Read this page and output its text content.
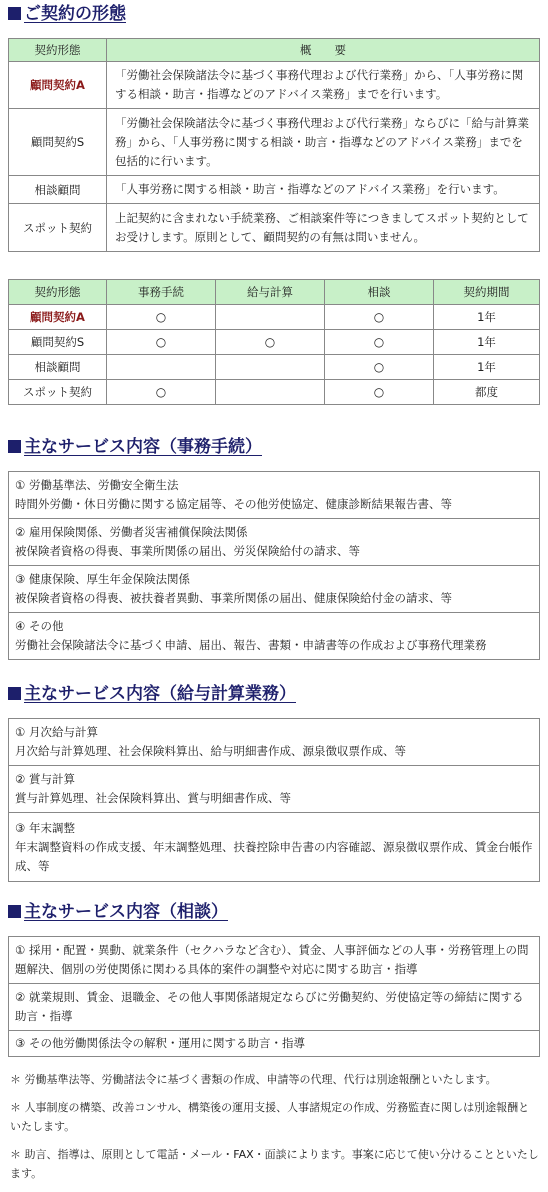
ご契約の形態
契約形態	概　　要
顧問契約A	「労働社会保険諸法令に基づく事務代理および代行業務」から、「人事労務に関する相談・助言・指導などのアドバイス業務」までを行います。
顧問契約S	「労働社会保険諸法令に基づく事務代理および代行業務」ならびに「給与計算業務」から、「人事労務に関する相談・助言・指導などのアドバイス業務」までを包括的に行います。
相談顧問	「人事労務に関する相談・助言・指導などのアドバイス業務」を行います。
スポット契約	上記契約に含まれない手続業務、ご相談案件等につきましてスポット契約としてお受けします。原則として、顧問契約の有無は問いません。
契約形態	事務手続	給与計算	相談	契約期間
顧問契約A	○		○	1年
顧問契約S	○	○	○	1年
相談顧問			○	1年
スポット契約	○		○	都度
主なサービス内容（事務手続）
① 労働基準法、労働安全衛生法
時間外労働・休日労働に関する協定届等、その他労使協定、健康診断結果報告書、等

② 雇用保険関係、労働者災害補償保険法関係
被保険者資格の得喪、事業所関係の届出、労災保険給付の請求、等

③ 健康保険、厚生年金保険法関係
被保険者資格の得喪、被扶養者異動、事業所関係の届出、健康保険給付金の請求、等

④ その他
労働社会保険諸法令に基づく申請、届出、報告、書類・申請書等の作成および事務代理業務
主なサービス内容（給与計算業務）
① 月次給与計算
月次給与計算処理、社会保険料算出、給与明細書作成、源泉徴収票作成、等

② 賞与計算
賞与計算処理、社会保険料算出、賞与明細書作成、等

③ 年末調整
年末調整資料の作成支援、年末調整処理、扶養控除申告書の内容確認、源泉徴収票作成、賃金台帳作成、等
主なサービス内容（相談）
① 採用・配置・異動、就業条件（セクハラなど含む）、賃金、人事評価などの人事・労務管理上の問題解決、個別の労使関係に関わる具体的案件の調整や対応に関する助言・指導
② 就業規則、賃金、退職金、その他人事関係諸規定ならびに労働契約、労使協定等の締結に関する助言・指導
③ その他労働関係法令の解釈・運用に関する助言・指導

＊ 労働基準法等、労働諸法令に基づく書類の作成、申請等の代理、代行は別途報酬といたします。

＊ 人事制度の構築、改善コンサル、構築後の運用支援、人事諸規定の作成、労務監査に関しは別途報酬といたします。

＊ 助言、指導は、原則として電話・メール・FAX・面談によります。事案に応じて使い分けることといたします。
